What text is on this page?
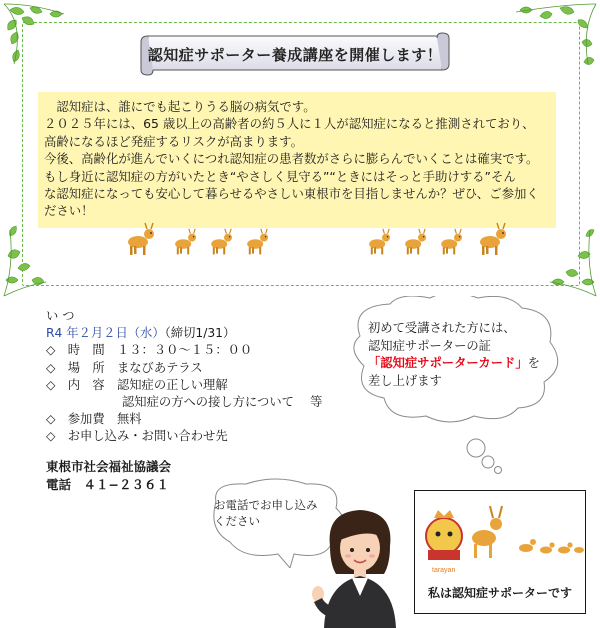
認知症サポーター養成講座を開催します！

　認知症は、誰にでも起こりうる脳の病気です。

２０２５年には、65 歳以上の高齢者の約５人に１人が認知症になると推測されており、

高齢になるほど発症するリスクが高まります。

今後、高齢化が進んでいくにつれ認知症の患者数がさらに膨らんでいくことは確実です。

もし身近に認知症の方がいたとき“やさしく見守る”“ときにはそっと手助けする”そん

な認知症になっても安心して暮らせるやさしい東根市を目指しませんか？ぜひ、ご参加く

ださい！

い つ
R4 年２月２日（水）（締切1/31）
◇　時　間　１３：３０～１５：００
◇　場　所　まなびあテラス
◇　内　容　認知症の正しい理解
認知症の方への接し方について　 等
◇　参加費　無料
◇　お申し込み・お問い合わせ先
東根市社会福祉協議会
電話　４１−２３６１
初めて受講された方には、
認知症サポーターの証
「認知症サポーターカード」を
差し上げます
お電話でお申し込み
ください
tarayan
私は認知症サポーターです
